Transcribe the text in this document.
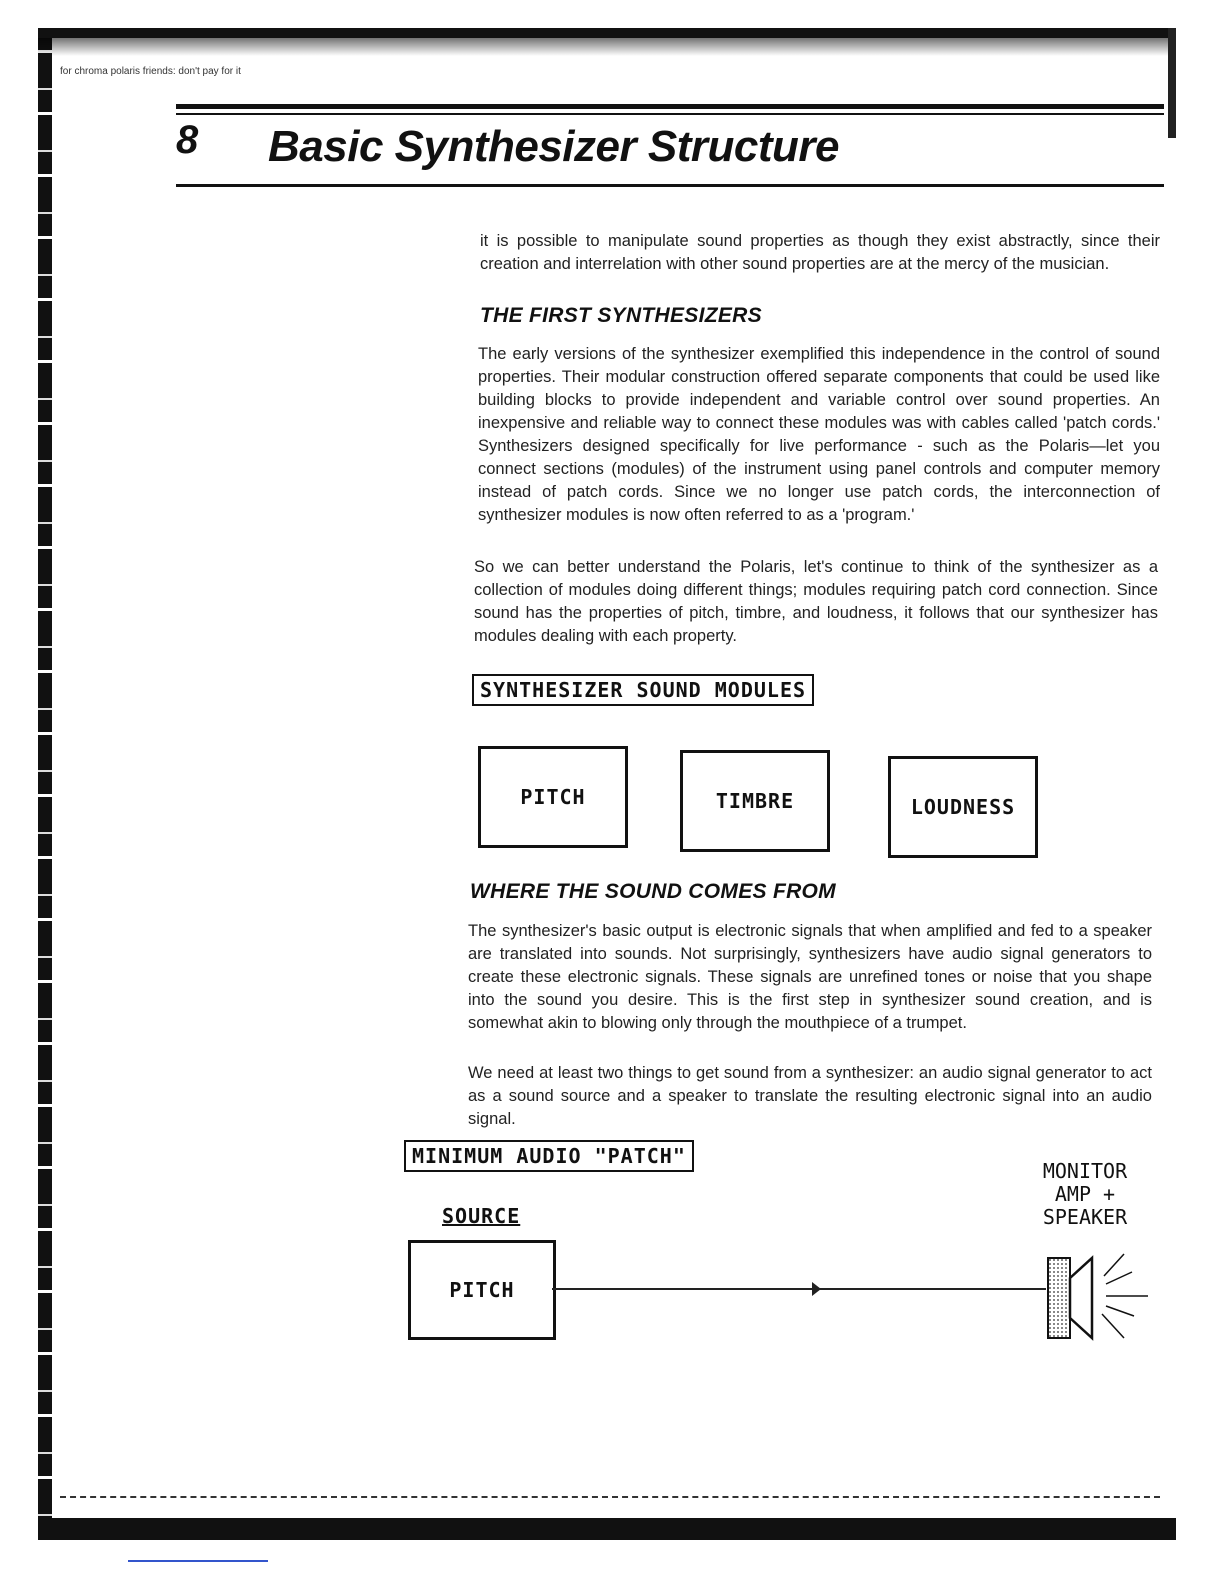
for chroma polaris friends: don't pay for it
8 Basic Synthesizer Structure
it is possible to manipulate sound properties as though they exist abstractly, since their creation and interrelation with other sound properties are at the mercy of the musician.
THE FIRST SYNTHESIZERS
The early versions of the synthesizer exemplified this independence in the control of sound properties. Their modular construction offered separate components that could be used like building blocks to provide independent and variable control over sound properties. An inexpensive and reliable way to connect these modules was with cables called 'patch cords.' Synthesizers designed specifically for live performance - such as the Polaris—let you connect sections (modules) of the instrument using panel controls and computer memory instead of patch cords. Since we no longer use patch cords, the interconnection of synthesizer modules is now often referred to as a 'program.'
So we can better understand the Polaris, let's continue to think of the synthesizer as a collection of modules doing different things; modules requiring patch cord connection. Since sound has the properties of pitch, timbre, and loudness, it follows that our synthesizer has modules dealing with each property.
SYNTHESIZER SOUND MODULES
PITCH	TIMBRE	LOUDNESS
WHERE THE SOUND COMES FROM
The synthesizer's basic output is electronic signals that when amplified and fed to a speaker are translated into sounds. Not surprisingly, synthesizers have audio signal generators to create these electronic signals. These signals are unrefined tones or noise that you shape into the sound you desire. This is the first step in synthesizer sound creation, and is somewhat akin to blowing only through the mouthpiece of a trumpet.
We need at least two things to get sound from a synthesizer: an audio signal generator to act as a sound source and a speaker to translate the resulting electronic signal into an audio signal.
MINIMUM AUDIO "PATCH"
SOURCE
PITCH
MONITOR
AMP +
SPEAKER
